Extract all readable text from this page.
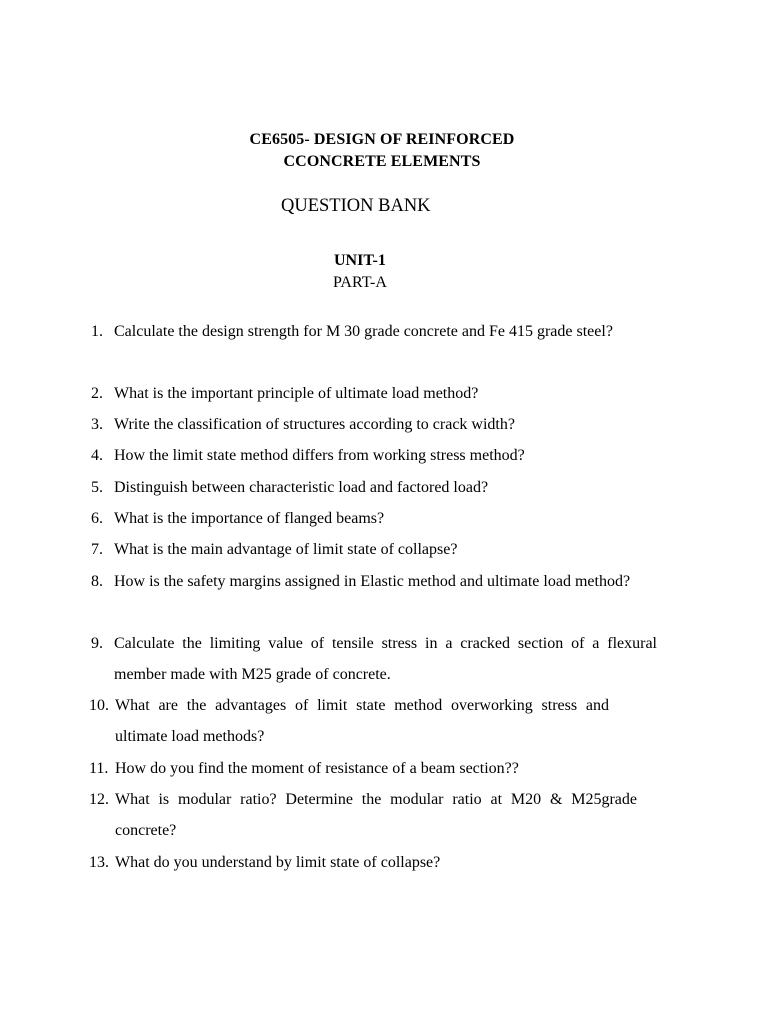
CE6505- DESIGN OF REINFORCED
CCONCRETE ELEMENTS
QUESTION BANK
UNIT-1
PART-A
1. Calculate the design strength for M 30 grade concrete and Fe 415 grade steel?
2. What is the important principle of ultimate load method?
3. Write the classification of structures according to crack width?
4. How the limit state method differs from working stress method?
5. Distinguish between characteristic load and factored load?
6. What is the importance of flanged beams?
7. What is the main advantage of limit state of collapse?
8. How is the safety margins assigned in Elastic method and ultimate load method?
9. Calculate the limiting value of tensile stress in a cracked section of a flexural member made with M25 grade of concrete.
10. What are the advantages of limit state method overworking stress and ultimate load methods?
11. How do you find the moment of resistance of a beam section??
12. What is modular ratio? Determine the modular ratio at M20 & M25grade concrete?
13. What do you understand by limit state of collapse?
